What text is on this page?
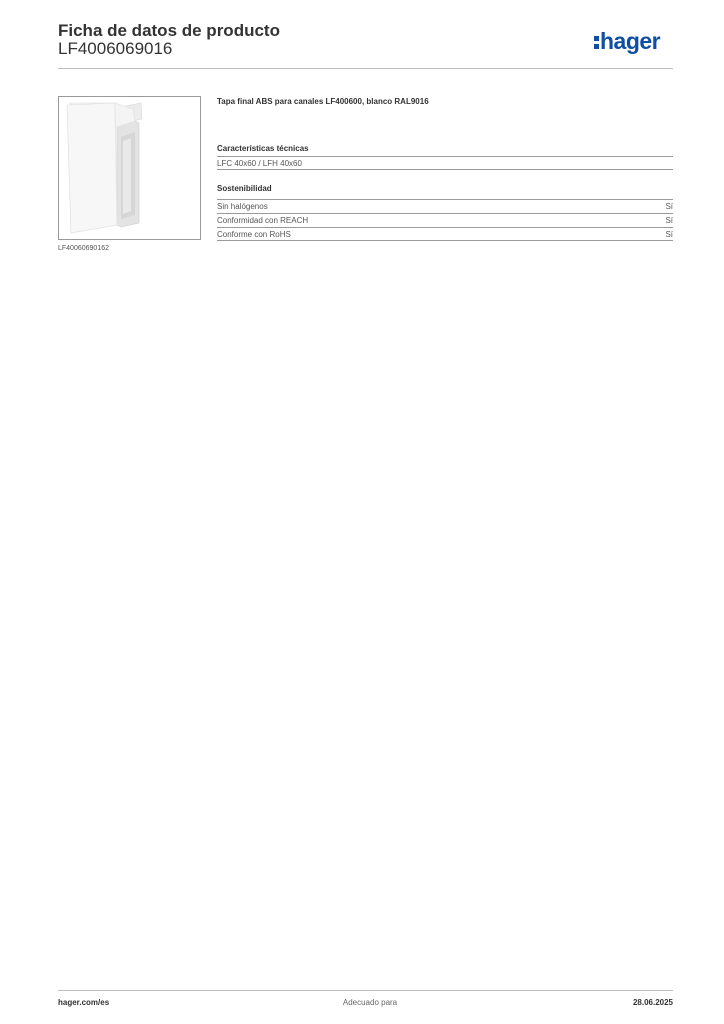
Ficha de datos de producto
LF4006069016	hager
LF40060690162
Tapa final ABS para canales LF400600, blanco RAL9016
Características técnicas
LFC 40x60 / LFH 40x60
Sostenibilidad
Sin halógenos	Sí
Conformidad con REACH	Sí
Conforme con RoHS	Sí
hager.com/es	Adecuado para	28.06.2025
